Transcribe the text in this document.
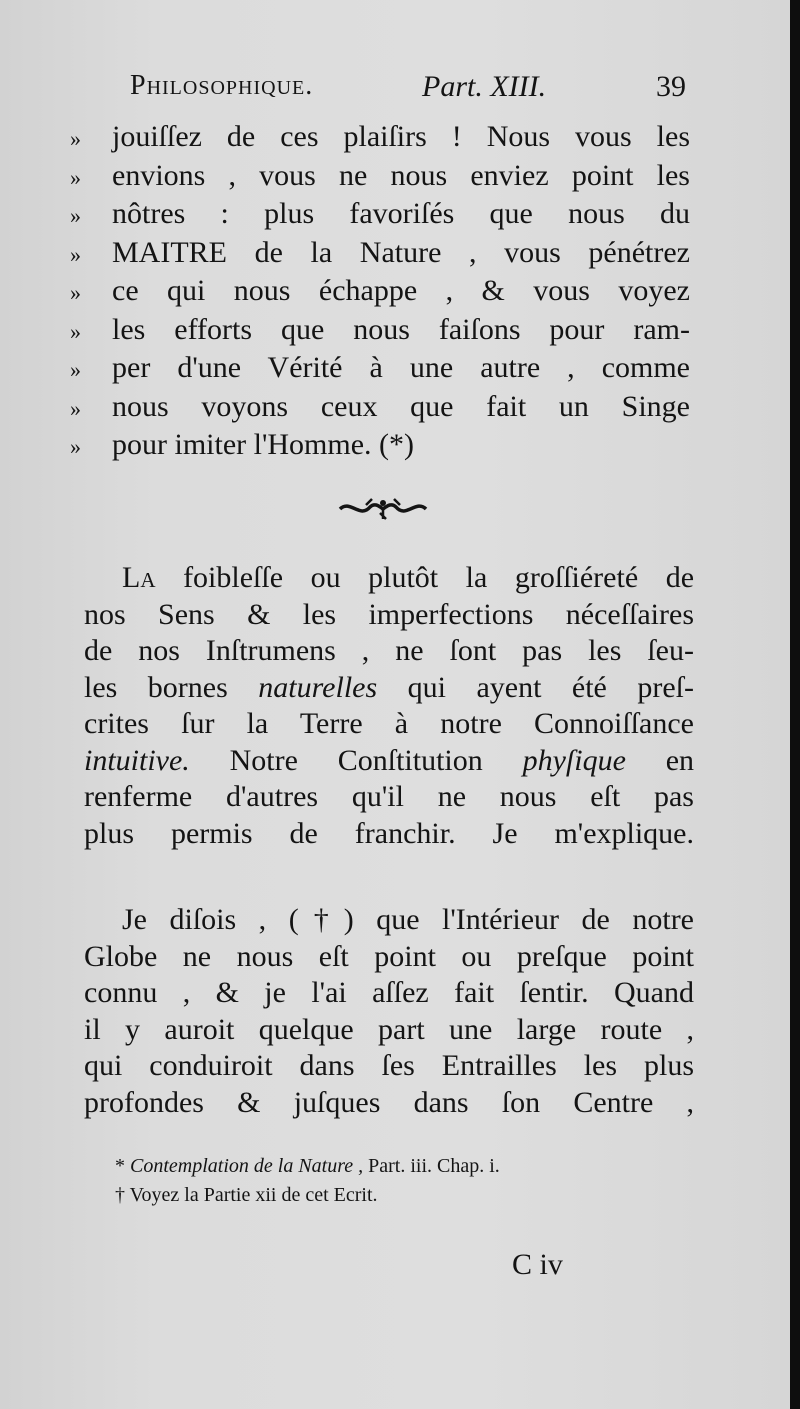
Philosophique.	Part. XIII.	39
» jouiſſez de ces plaiſirs ! Nous vous les
» envions , vous ne nous enviez point les
» nôtres : plus favoriſés que nous du
» MAITRE de la Nature , vous pénétrez
» ce qui nous échappe , & vous voyez
» les efforts que nous faiſons pour ram-
» per d'une Vérité à une autre , comme
» nous voyons ceux que fait un Singe
» pour imiter l'Homme. (*)
La foibleſſe ou plutôt la groſſiéreté de
nos Sens & les imperfections néceſſaires
de nos Inſtrumens , ne ſont pas les ſeu-
les bornes naturelles qui ayent été preſ-
crites ſur la Terre à notre Connoiſſance
intuitive. Notre Conſtitution phyſique en
renferme d'autres qu'il ne nous eſt pas
plus permis de franchir. Je m'explique.
Je diſois , (†) que l'Intérieur de notre
Globe ne nous eſt point ou preſque point
connu , & je l'ai aſſez fait ſentir. Quand
il y auroit quelque part une large route ,
qui conduiroit dans ſes Entrailles les plus
profondes & juſques dans ſon Centre ,
* Contemplation de la Nature , Part. iii. Chap. i.
† Voyez la Partie xii de cet Ecrit.
C iv
